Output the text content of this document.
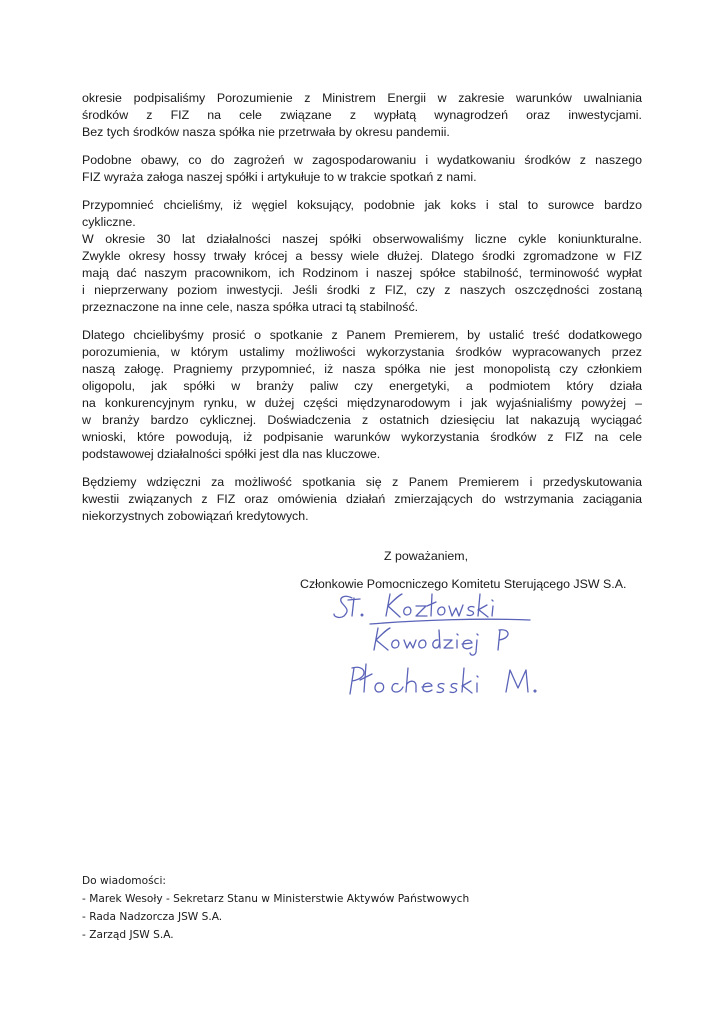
okresie podpisaliśmy Porozumienie z Ministrem Energii w zakresie warunków uwalniania
środków z FIZ na cele związane z wypłatą wynagrodzeń oraz inwestycjami.
Bez tych środków nasza spółka nie przetrwała by okresu pandemii.

Podobne obawy, co do zagrożeń w zagospodarowaniu i wydatkowaniu środków z naszego
FIZ wyraża załoga naszej spółki i artykułuje to w trakcie spotkań z nami.

Przypomnieć chcieliśmy, iż węgiel koksujący, podobnie jak koks i stal to surowce bardzo
cykliczne.
W okresie 30 lat działalności naszej spółki obserwowaliśmy liczne cykle koniunkturalne.
Zwykle okresy hossy trwały krócej a bessy wiele dłużej. Dlatego środki zgromadzone w FIZ
mają dać naszym pracownikom, ich Rodzinom i naszej spółce stabilność, terminowość wypłat
i nieprzerwany poziom inwestycji. Jeśli środki z FIZ, czy z naszych oszczędności zostaną
przeznaczone na inne cele, nasza spółka utraci tą stabilność.

Dlatego chcielibyśmy prosić o spotkanie z Panem Premierem, by ustalić treść dodatkowego
porozumienia, w którym ustalimy możliwości wykorzystania środków wypracowanych przez
naszą załogę. Pragniemy przypomnieć, iż nasza spółka nie jest monopolistą czy członkiem
oligopolu, jak spółki w branży paliw czy energetyki, a podmiotem który działa
na konkurencyjnym rynku, w dużej części międzynarodowym i jak wyjaśnialiśmy powyżej –
w branży bardzo cyklicznej. Doświadczenia z ostatnich dziesięciu lat nakazują wyciągać
wnioski, które powodują, iż podpisanie warunków wykorzystania środków z FIZ na cele
podstawowej działalności spółki jest dla nas kluczowe.

Będziemy wdzięczni za możliwość spotkania się z Panem Premierem i przedyskutowania
kwestii związanych z FIZ oraz omówienia działań zmierzających do wstrzymania zaciągania
niekorzystnych zobowiązań kredytowych.

Z poważaniem,
Członkowie Pomocniczego Komitetu Sterującego JSW S.A.
Do wiadomości:
- Marek Wesoły - Sekretarz Stanu w Ministerstwie Aktywów Państwowych
- Rada Nadzorcza JSW S.A.
- Zarząd JSW S.A.
